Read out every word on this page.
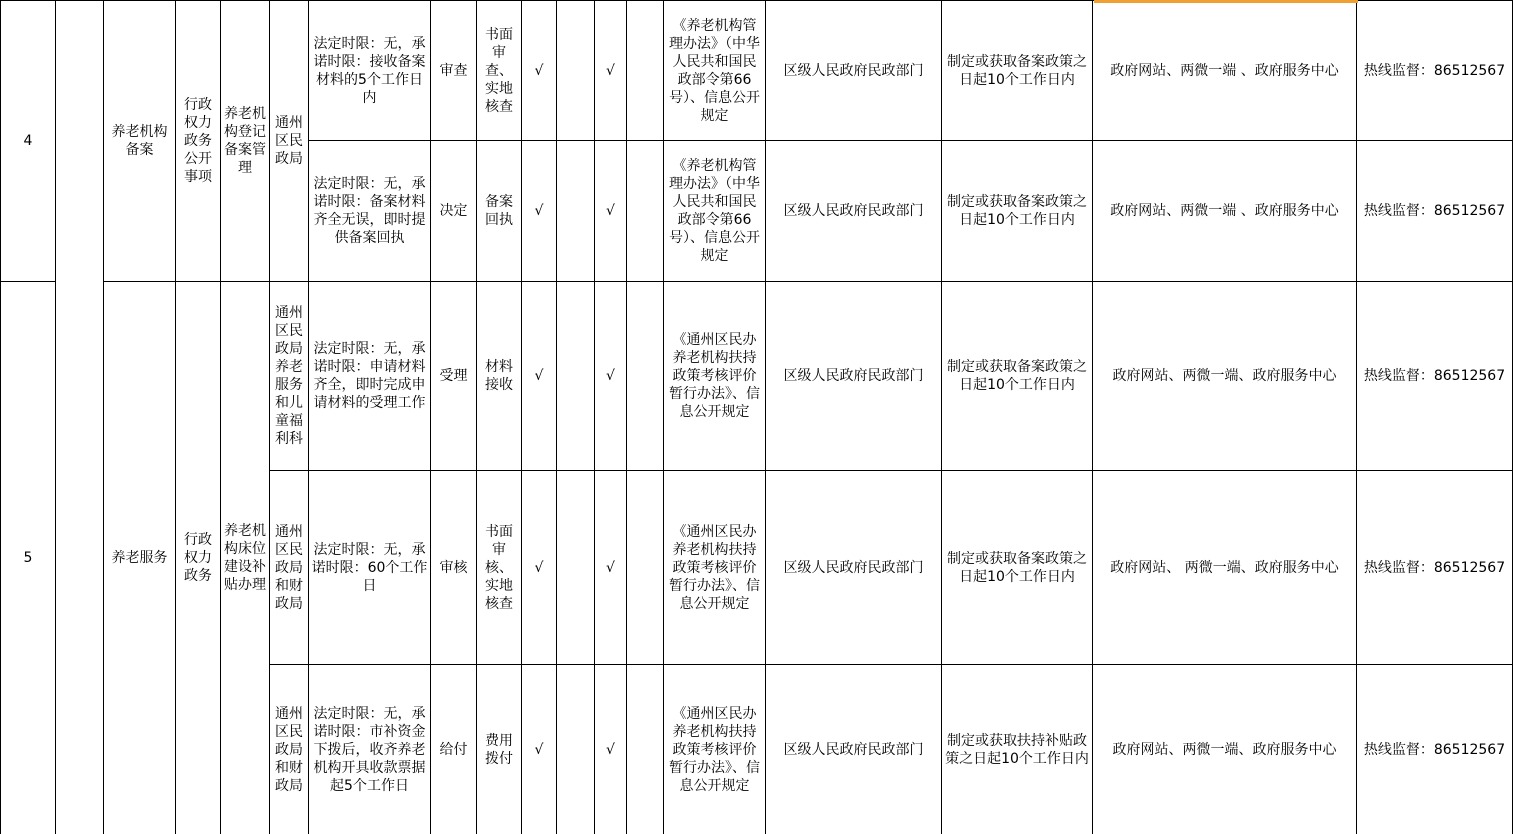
4		养老机构备案	行政权力政务公开事项	养老机构登记备案管理	通州区民政局	法定时限：无，承诺时限：接收备案材料的5个工作日内	审查	书面审查、实地核查	√		√		《养老机构管理办法》（中华人民共和国民政部令第66号）、信息公开规定	区级人民政府民政部门	制定或获取备案政策之日起10个工作日内	政府网站、两微一端 、政府服务中心	热线监督：86512567
						法定时限：无，承诺时限：备案材料齐全无误，即时提供备案回执	决定	备案回执	√		√		《养老机构管理办法》（中华人民共和国民政部令第66号）、信息公开规定	区级人民政府民政部门	制定或获取备案政策之日起10个工作日内	政府网站、两微一端 、政府服务中心	热线监督：86512567
5		养老服务	行政权力政务	养老机构床位建设补贴办理	通州区民政局养老服务和儿童福利科	法定时限：无，承诺时限：申请材料齐全，即时完成申请材料的受理工作	受理	材料接收	√		√		《通州区民办养老机构扶持政策考核评价暂行办法》、信息公开规定	区级人民政府民政部门	制定或获取备案政策之日起10个工作日内	政府网站、两微一端、政府服务中心	热线监督：86512567
					通州区民政局和财政局	法定时限：无，承诺时限：60个工作日	审核	书面审核、实地核查	√		√		《通州区民办养老机构扶持政策考核评价暂行办法》、信息公开规定	区级人民政府民政部门	制定或获取备案政策之日起10个工作日内	政府网站、 两微一端、政府服务中心	热线监督：86512567
					通州区民政局和财政局	法定时限：无，承诺时限：市补资金下拨后，收齐养老机构开具收款票据起5个工作日	给付	费用拨付	√		√		《通州区民办养老机构扶持政策考核评价暂行办法》、信息公开规定	区级人民政府民政部门	制定或获取扶持补贴政策之日起10个工作日内	政府网站、两微一端、政府服务中心	热线监督：86512567
